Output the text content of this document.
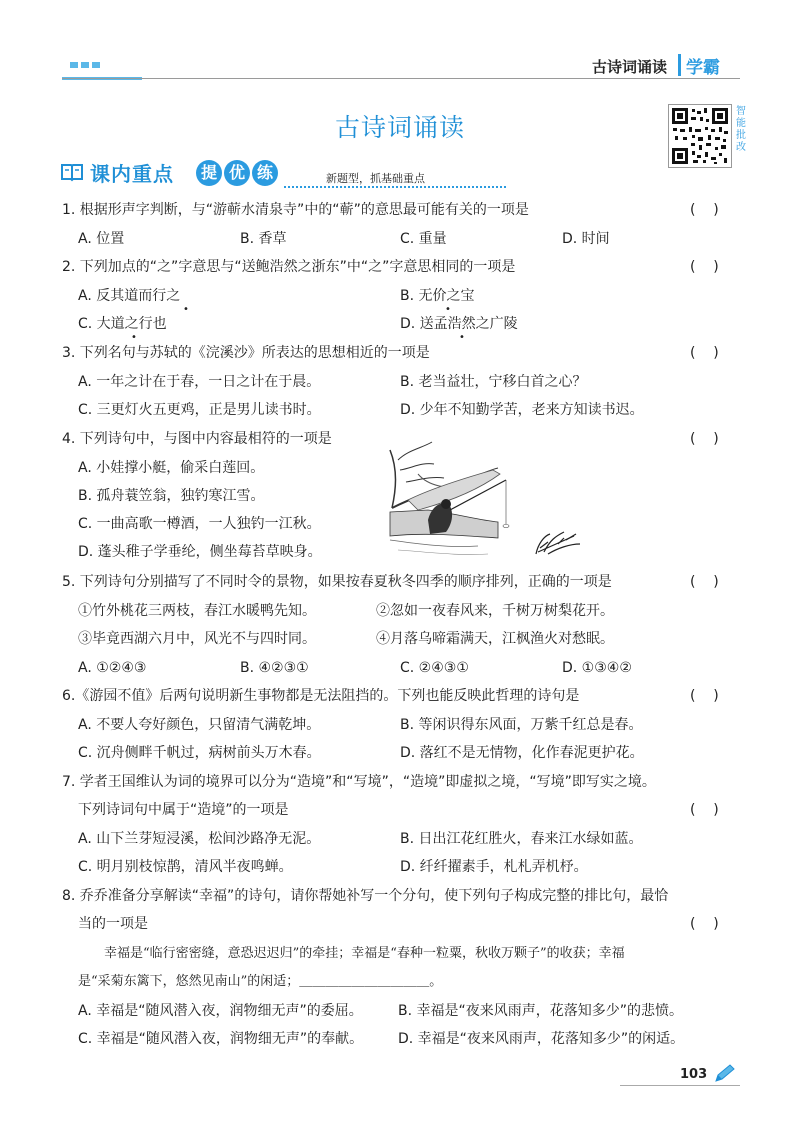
古诗词诵读 学霸
古诗词诵读
智能批改
课内重点	提 优 练	新题型，抓基础重点
1. 根据形声字判断，与“游蕲水清泉寺”中的“蕲”的意思最可能有关的一项是	(    )
A. 位置	B. 香草	C. 重量	D. 时间
2. 下列加点的“之”字意思与“送鲍浩然之浙东”中“之”字意思相同的一项是	(    )
A. 反其道而行之	B. 无价之宝
C. 大道之行也	D. 送孟浩然之广陵
•	•
•	•
3. 下列名句与苏轼的《浣溪沙》所表达的思想相近的一项是	(    )
A. 一年之计在于春，一日之计在于晨。	B. 老当益壮，宁移白首之心？
C. 三更灯火五更鸡，正是男儿读书时。	D. 少年不知勤学苦，老来方知读书迟。
4. 下列诗句中，与图中内容最相符的一项是	(    )
A. 小娃撑小艇，偷采白莲回。
B. 孤舟蓑笠翁，独钓寒江雪。
C. 一曲高歌一樽酒，一人独钓一江秋。
D. 蓬头稚子学垂纶，侧坐莓苔草映身。
5. 下列诗句分别描写了不同时令的景物，如果按春夏秋冬四季的顺序排列，正确的一项是	(    )
①竹外桃花三两枝，春江水暖鸭先知。	②忽如一夜春风来，千树万树梨花开。
③毕竟西湖六月中，风光不与四时同。	④月落乌啼霜满天，江枫渔火对愁眠。
A. ①②④③	B. ④②③①	C. ②④③①	D. ①③④②
6.《游园不值》后两句说明新生事物都是无法阻挡的。下列也能反映此哲理的诗句是	(    )
A. 不要人夸好颜色，只留清气满乾坤。	B. 等闲识得东风面，万紫千红总是春。
C. 沉舟侧畔千帆过，病树前头万木春。	D. 落红不是无情物，化作春泥更护花。
7. 学者王国维认为词的境界可以分为“造境”和“写境”，“造境”即虚拟之境，“写境”即写实之境。
下列诗词句中属于“造境”的一项是	(    )
A. 山下兰芽短浸溪，松间沙路净无泥。	B. 日出江花红胜火，春来江水绿如蓝。
C. 明月别枝惊鹊，清风半夜鸣蝉。	D. 纤纤擢素手，札札弄机杼。
8. 乔乔准备分享解读“幸福”的诗句，请你帮她补写一个分句，使下列句子构成完整的排比句，最恰
当的一项是	(    )
幸福是“临行密密缝，意恐迟迟归”的牵挂；幸福是“春种一粒粟，秋收万颗子”的收获；幸福
是“采菊东篱下，悠然见南山”的闲适；＿＿＿＿＿＿＿＿＿＿。
A. 幸福是“随风潜入夜，润物细无声”的委屈。	B. 幸福是“夜来风雨声，花落知多少”的悲愤。
C. 幸福是“随风潜入夜，润物细无声”的奉献。 D. 幸福是“夜来风雨声，花落知多少”的闲适。
103
